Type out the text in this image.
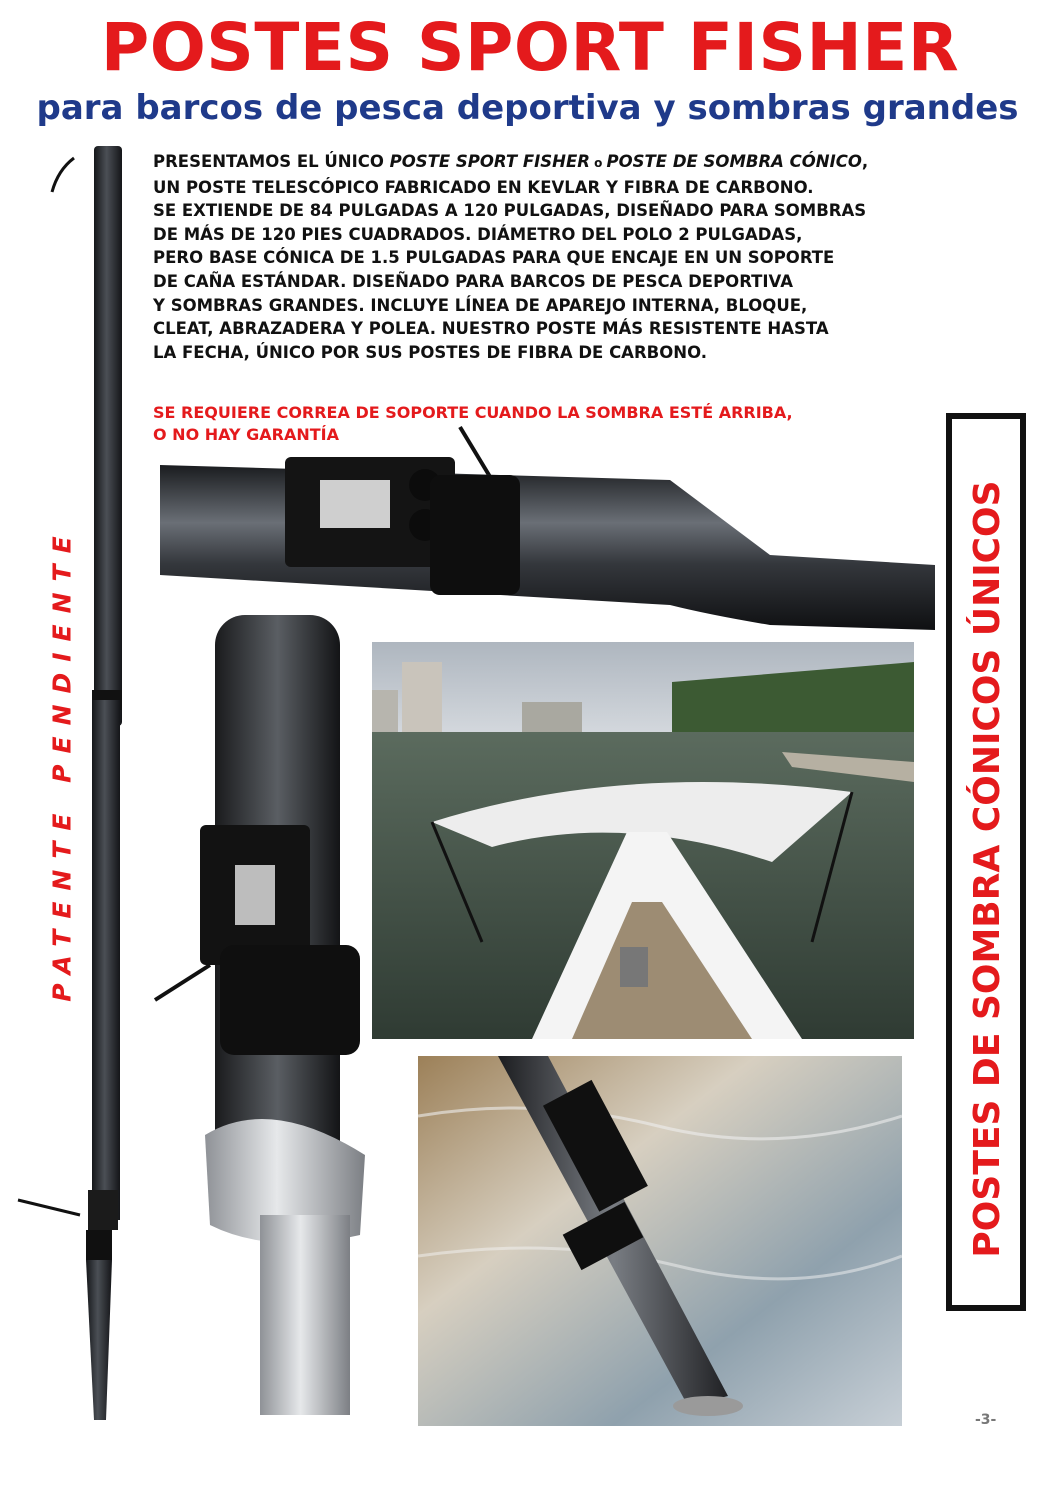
POSTES SPORT FISHER
para barcos de pesca deportiva y sombras grandes
PRESENTAMOS EL ÚNICO POSTE SPORT FISHER o POSTE DE SOMBRA CÓNICO,
UN POSTE TELESCÓPICO FABRICADO EN KEVLAR Y FIBRA DE CARBONO.
SE EXTIENDE DE 84 PULGADAS A 120 PULGADAS, DISEÑADO PARA SOMBRAS
DE MÁS DE 120 PIES CUADRADOS. DIÁMETRO DEL POLO 2 PULGADAS,
PERO BASE CÓNICA DE 1.5 PULGADAS PARA QUE ENCAJE EN UN SOPORTE
DE CAÑA ESTÁNDAR. DISEÑADO PARA BARCOS DE PESCA DEPORTIVA
Y SOMBRAS GRANDES. INCLUYE LÍNEA DE APAREJO INTERNA, BLOQUE,
CLEAT, ABRAZADERA Y POLEA. NUESTRO POSTE MÁS RESISTENTE HASTA
LA FECHA, ÚNICO POR SUS POSTES DE FIBRA DE CARBONO.
SE REQUIERE CORREA DE SOPORTE CUANDO LA SOMBRA ESTÉ ARRIBA,
O NO HAY GARANTÍA
PATENTE PENDIENTE	POSTES DE SOMBRA CÓNICOS ÚNICOS
-3-
